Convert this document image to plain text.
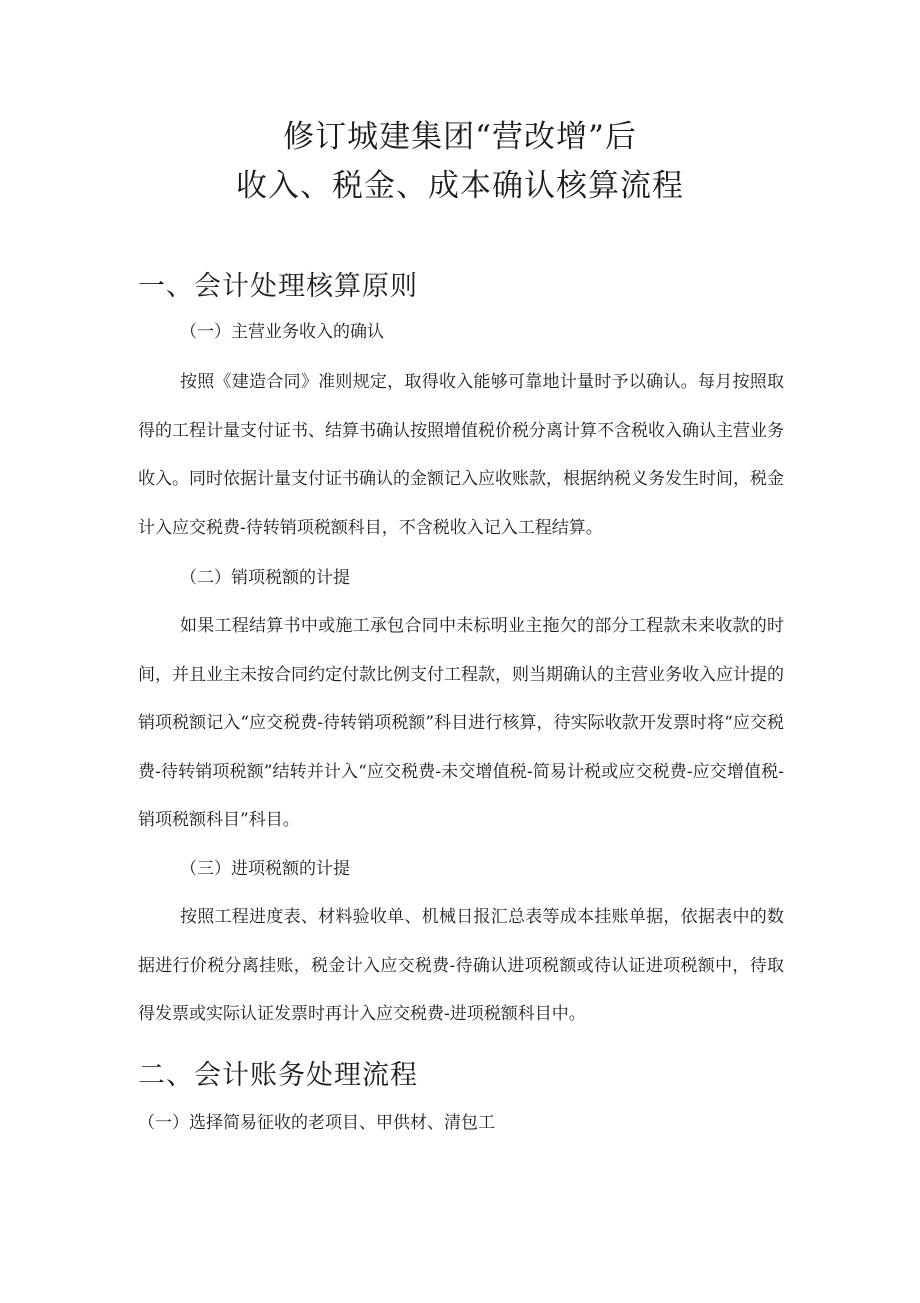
修订城建集团“营改增”后
收入、税金、成本确认核算流程
一、会计处理核算原则
（一）主营业务收入的确认

按照《建造合同》准则规定，取得收入能够可靠地计量时予以确认。每月按照取得的工程计量支付证书、结算书确认按照增值税价税分离计算不含税收入确认主营业务收入。同时依据计量支付证书确认的金额记入应收账款，根据纳税义务发生时间，税金计入应交税费-待转销项税额科目，不含税收入记入工程结算。

（二）销项税额的计提

如果工程结算书中或施工承包合同中未标明业主拖欠的部分工程款未来收款的时间，并且业主未按合同约定付款比例支付工程款，则当期确认的主营业务收入应计提的销项税额记入“应交税费-待转销项税额”科目进行核算，待实际收款开发票时将“应交税费-待转销项税额”结转并计入“应交税费-未交增值税-简易计税或应交税费-应交增值税-销项税额科目”科目。

（三）进项税额的计提

按照工程进度表、材料验收单、机械日报汇总表等成本挂账单据，依据表中的数据进行价税分离挂账，税金计入应交税费-待确认进项税额或待认证进项税额中，待取得发票或实际认证发票时再计入应交税费-进项税额科目中。

二、会计账务处理流程
（一）选择简易征收的老项目、甲供材、清包工
